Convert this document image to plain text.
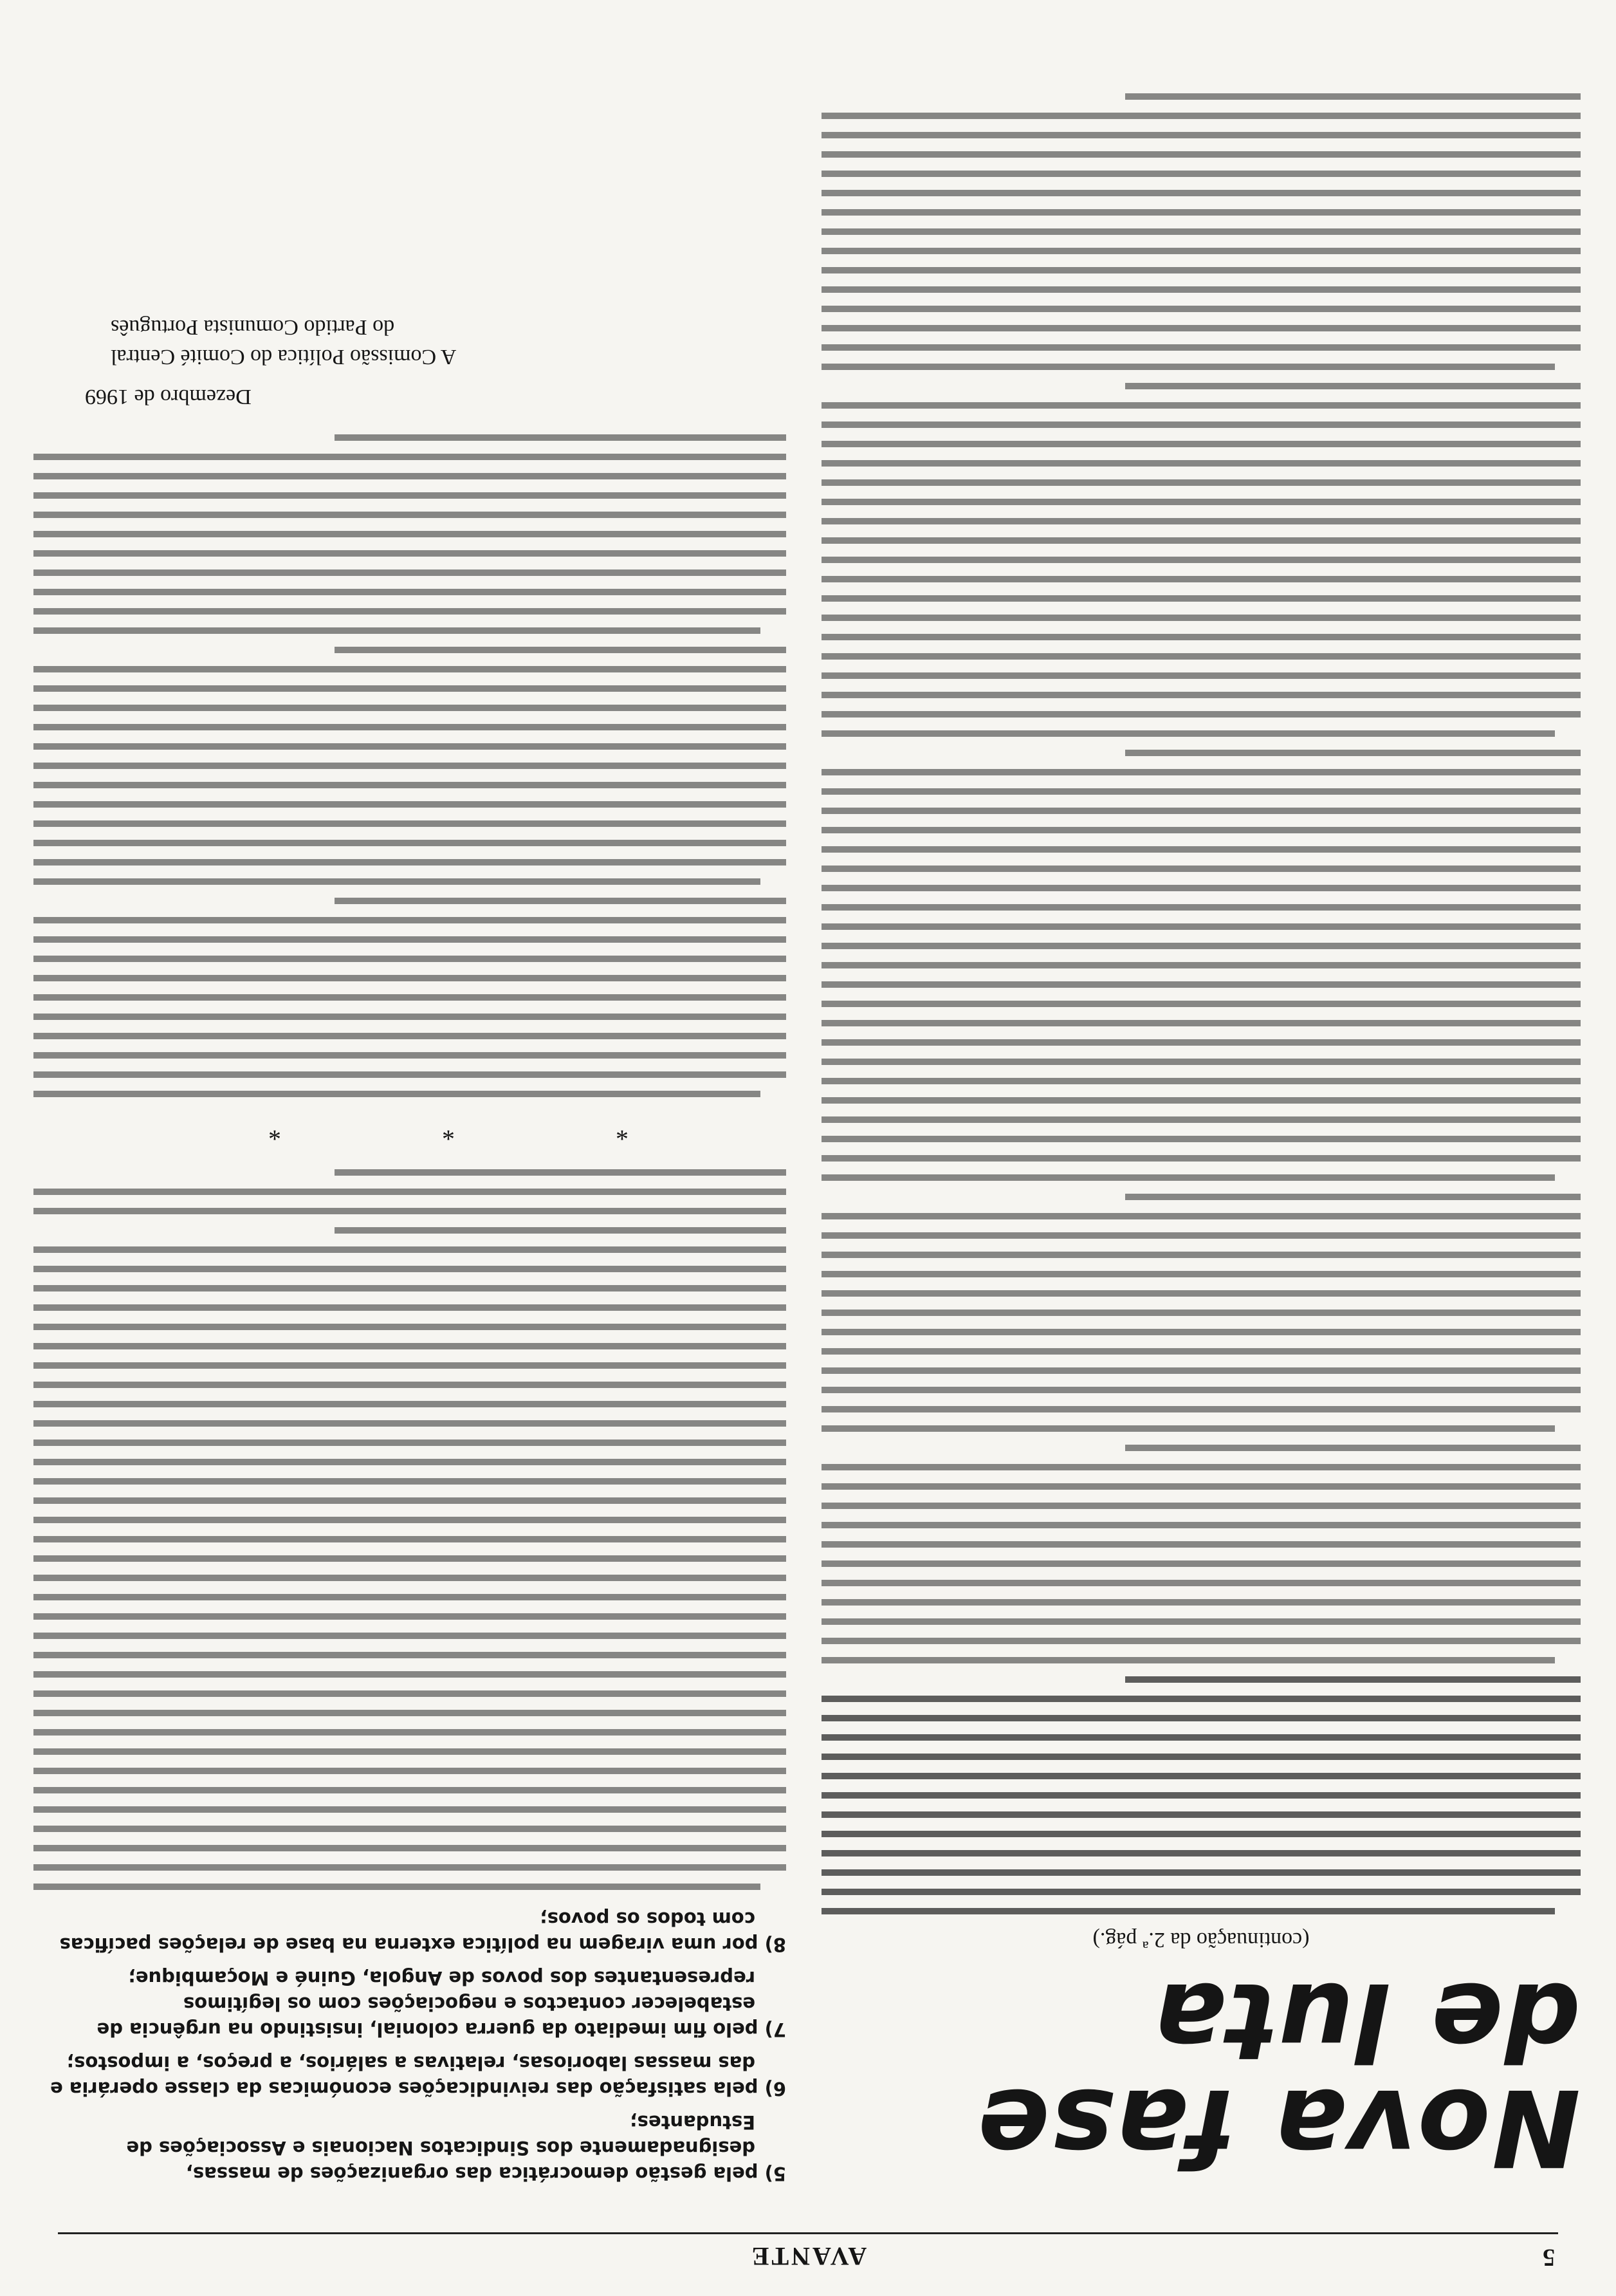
5
AVANTE
Nova fase de luta
(continuação da 2.ª pág.)

5) pela gestão democrática das organizações de massas, designadamente dos Sindicatos Nacionais e Associações de Estudantes;

6) pela satisfação das reivindicações económicas da classe operária e das massas laboriosas, relativas a salários, a preços, a impostos;

7) pelo fim imediato da guerra colonial, insistindo na urgência de estabelecer contactos e negociações com os legítimos representantes dos povos de Angola, Guiné e Moçambique;

8) por uma viragem na política externa na base de relações pacíficas com todos os povos;

* * *
Dezembro de 1969
A Comissão Política do Comité Central
do Partido Comunista Português
